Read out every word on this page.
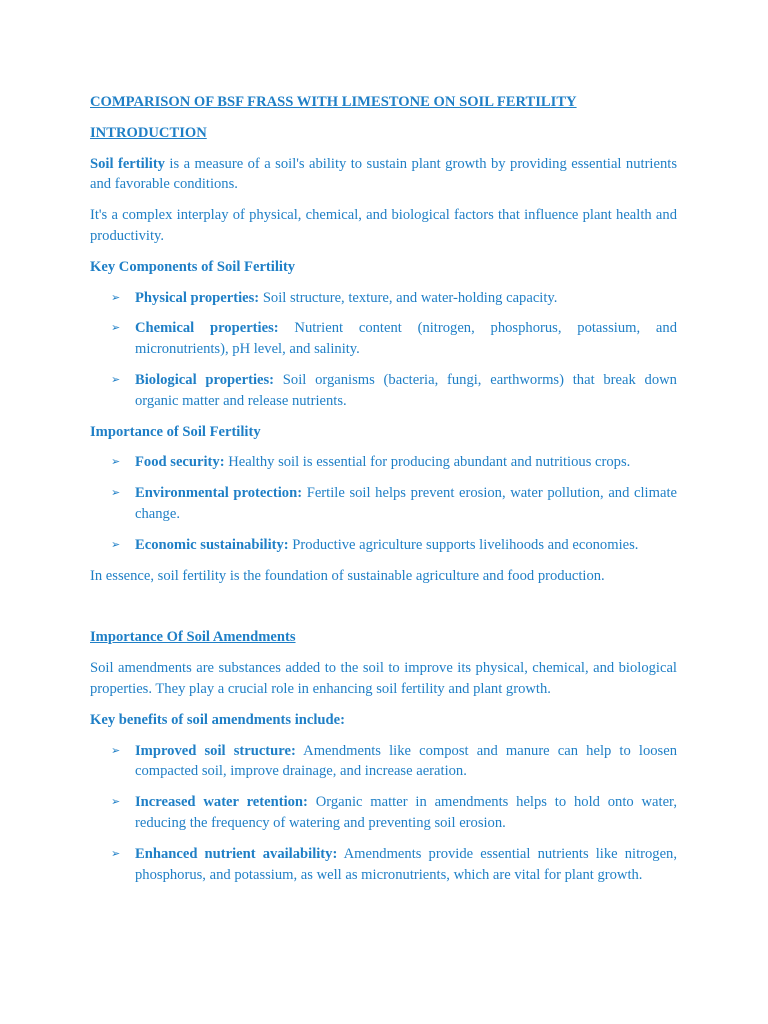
COMPARISON OF BSF FRASS WITH LIMESTONE ON SOIL FERTILITY

INTRODUCTION

Soil fertility is a measure of a soil's ability to sustain plant growth by providing essential nutrients and favorable conditions.

It's a complex interplay of physical, chemical, and biological factors that influence plant health and productivity.

Key Components of Soil Fertility

➢ Physical properties: Soil structure, texture, and water-holding capacity.
➢ Chemical properties: Nutrient content (nitrogen, phosphorus, potassium, and micronutrients), pH level, and salinity.
➢ Biological properties: Soil organisms (bacteria, fungi, earthworms) that break down organic matter and release nutrients.

Importance of Soil Fertility

➢ Food security: Healthy soil is essential for producing abundant and nutritious crops.
➢ Environmental protection: Fertile soil helps prevent erosion, water pollution, and climate change.
➢ Economic sustainability: Productive agriculture supports livelihoods and economies.

In essence, soil fertility is the foundation of sustainable agriculture and food production.

Importance Of Soil Amendments

Soil amendments are substances added to the soil to improve its physical, chemical, and biological properties. They play a crucial role in enhancing soil fertility and plant growth.

Key benefits of soil amendments include:

➢ Improved soil structure: Amendments like compost and manure can help to loosen compacted soil, improve drainage, and increase aeration.
➢ Increased water retention: Organic matter in amendments helps to hold onto water, reducing the frequency of watering and preventing soil erosion.
➢ Enhanced nutrient availability: Amendments provide essential nutrients like nitrogen, phosphorus, and potassium, as well as micronutrients, which are vital for plant growth.
